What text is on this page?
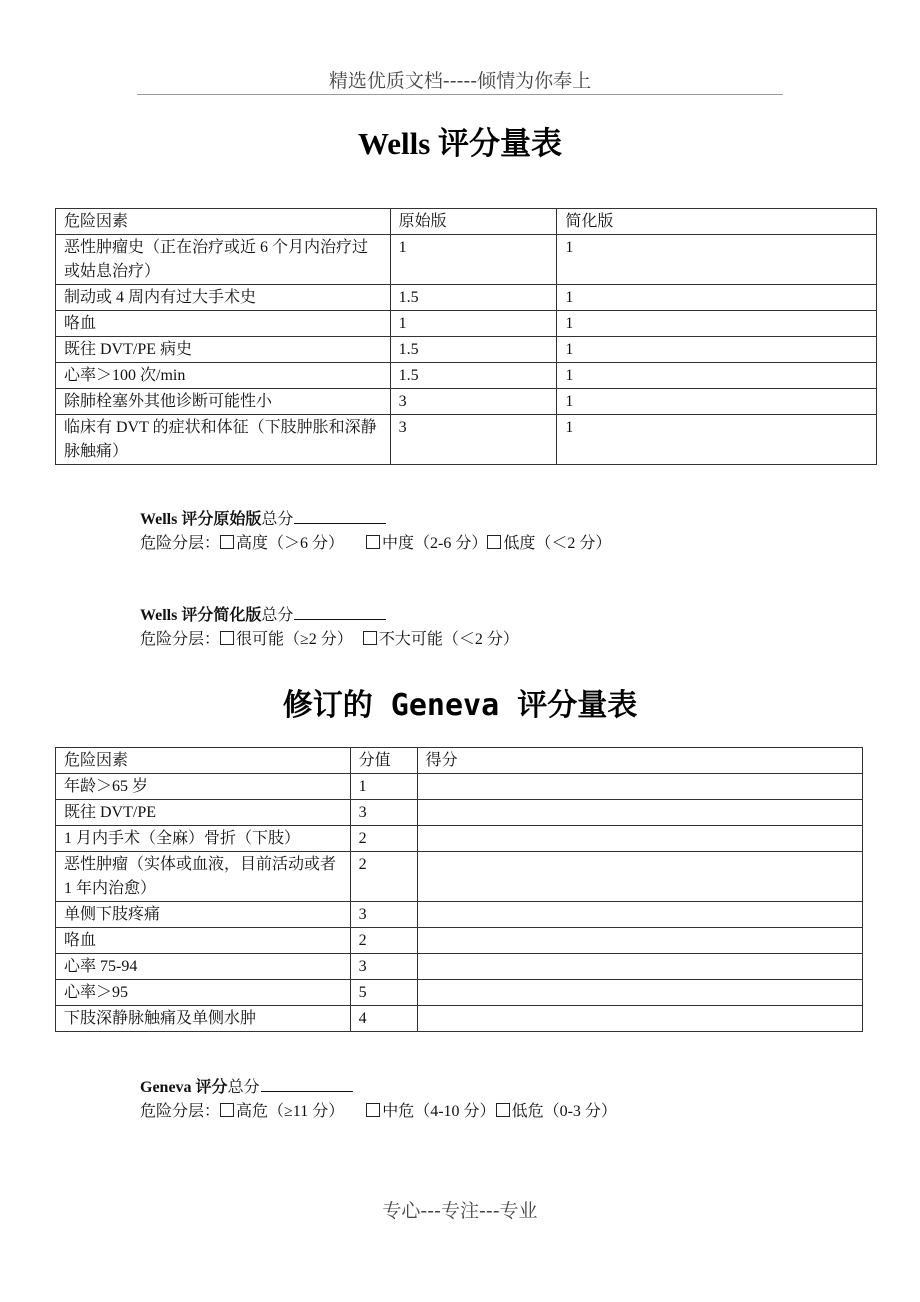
精选优质文档-----倾情为你奉上
Wells 评分量表
危险因素	原始版	简化版
恶性肿瘤史（正在治疗或近 6 个月内治疗过或姑息治疗）	1	1
制动或 4 周内有过大手术史	1.5	1
咯血	1	1
既往 DVT/PE 病史	1.5	1
心率＞100 次/min	1.5	1
除肺栓塞外其他诊断可能性小	3	1
临床有 DVT 的症状和体征（下肢肿胀和深静脉触痛）	3	1
Wells 评分原始版总分
危险分层： 高度（＞6 分） 中度（2-6 分） 低度（＜2 分）
Wells 评分简化版总分
危险分层： 很可能（≥2 分） 不大可能（＜2 分）
修订的 Geneva 评分量表
危险因素	分值	得分
年龄＞65 岁	1	
既往 DVT/PE	3	
1 月内手术（全麻）骨折（下肢）	2	
恶性肿瘤（实体或血液，目前活动或者 1 年内治愈）	2	
单侧下肢疼痛	3	
咯血	2	
心率 75-94	3	
心率＞95	5	
下肢深静脉触痛及单侧水肿	4	
Geneva 评分总分
危险分层： 高危（≥11 分） 中危（4-10 分） 低危（0-3 分）
专心---专注---专业
